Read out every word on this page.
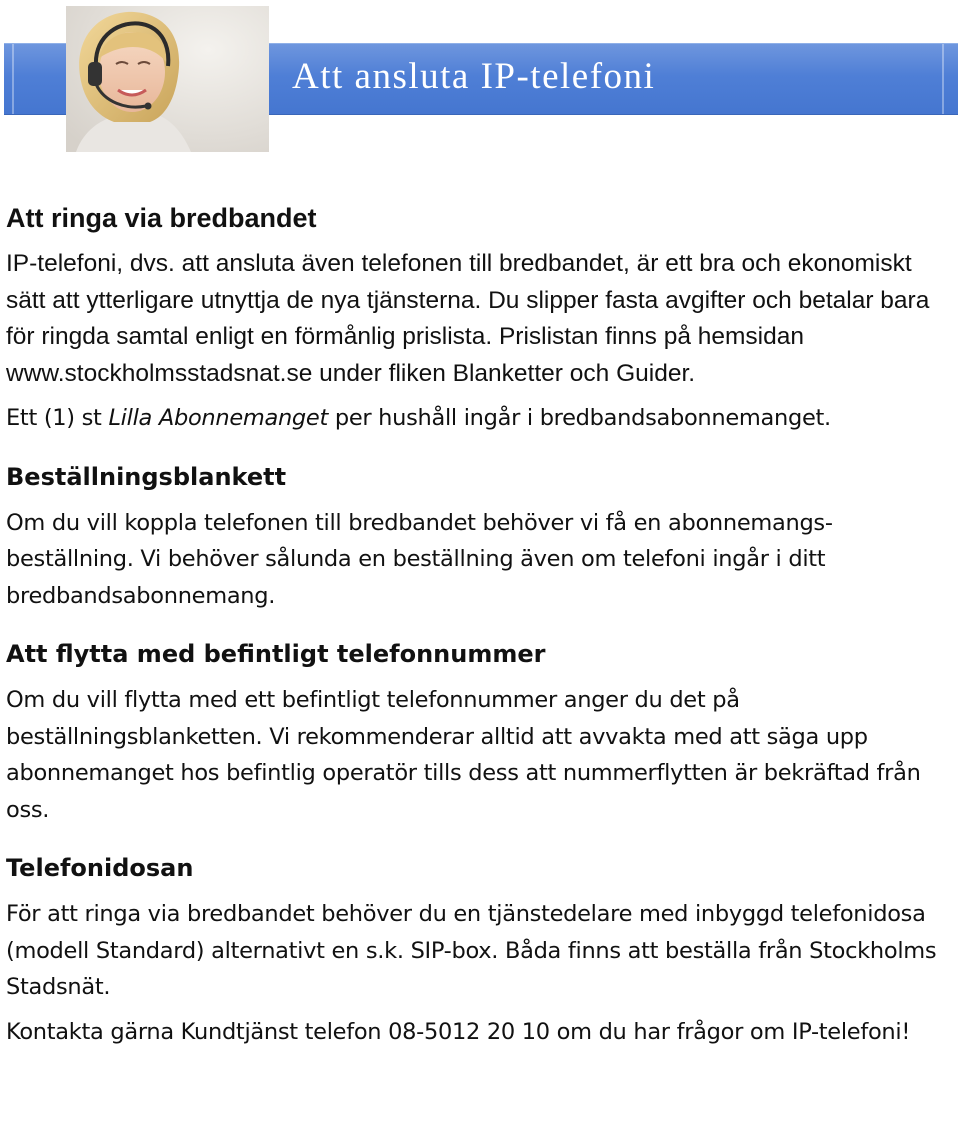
Att ansluta IP-telefoni
Att ringa via bredbandet

IP-telefoni, dvs. att ansluta även telefonen till bredbandet, är ett bra och ekonomiskt sätt att ytterligare utnyttja de nya tjänsterna. Du slipper fasta avgifter och betalar bara för ringda samtal enligt en förmånlig prislista. Prislistan finns på hemsidan www.stockholmsstadsnat.se under fliken Blanketter och Guider.

Ett (1) st Lilla Abonnemanget per hushåll ingår i bredbandsabonnemanget.

Beställningsblankett

Om du vill koppla telefonen till bredbandet behöver vi få en abonnemangs-beställning. Vi behöver sålunda en beställning även om telefoni ingår i ditt bredbandsabonnemang.

Att flytta med befintligt telefonnummer

Om du vill flytta med ett befintligt telefonnummer anger du det på beställningsblanketten. Vi rekommenderar alltid att avvakta med att säga upp abonnemanget hos befintlig operatör tills dess att nummerflytten är bekräftad från oss.

Telefonidosan

För att ringa via bredbandet behöver du en tjänstedelare med inbyggd telefonidosa (modell Standard) alternativt en s.k. SIP-box. Båda finns att beställa från Stockholms Stadsnät.

Kontakta gärna Kundtjänst telefon 08-5012 20 10 om du har frågor om IP-telefoni!
